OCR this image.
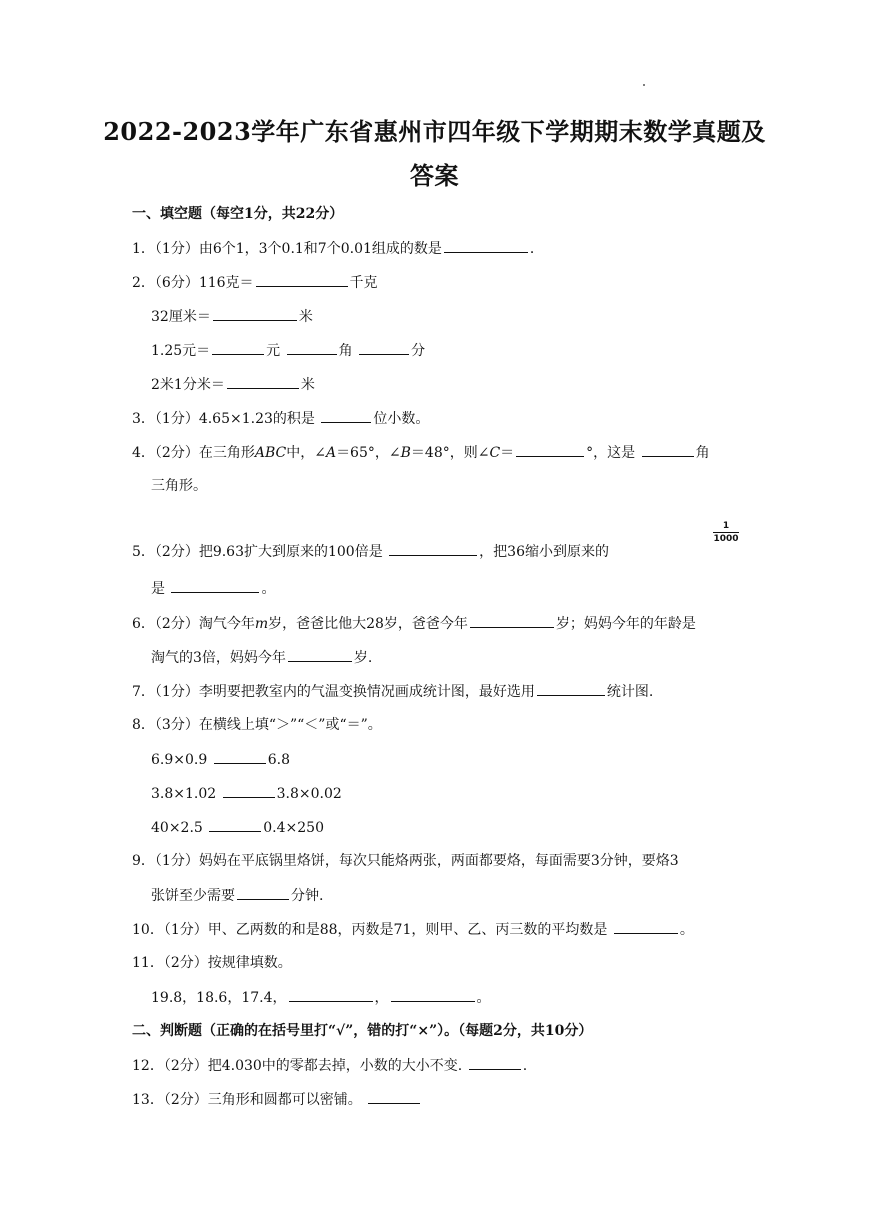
2022-2023学年广东省惠州市四年级下学期期末数学真题及
答案
一、填空题（每空1分，共22分）
1．（1分）由6个1，3个0.1和7个0.01组成的数是	．
2．（6分）116克＝	千克
32厘米＝	米
1.25元＝	元	角	分
2米1分米＝	米
3．（1分）4.65×1.23的积是	位小数。
4．（2分）在三角形ABC中，∠A＝65°，∠B＝48°，则∠C＝	°，这是	角
三角形。
5．（2分）把9.63扩大到原来的100倍是	，把36缩小到原来的
1
1000
是	。
6．（2分）淘气今年m岁，爸爸比他大28岁，爸爸今年	岁；妈妈今年的年龄是
淘气的3倍，妈妈今年	岁.
7．（1分）李明要把教室内的气温变换情况画成统计图，最好选用	统计图.
8．（3分）在横线上填“＞”“＜”或“＝”。
6.9×0.9	6.8
3.8×1.02	3.8×0.02
40×2.5	0.4×250
9．（1分）妈妈在平底锅里烙饼，每次只能烙两张，两面都要烙，每面需要3分钟，要烙3
张饼至少需要	分钟.
10．（1分）甲、乙两数的和是88，丙数是71，则甲、乙、丙三数的平均数是	。
11．（2分）按规律填数。
19.8，18.6，17.4，	，	。
二、判断题（正确的在括号里打“√”，错的打“×”）。（每题2分，共10分）
12．（2分）把4.030中的零都去掉，小数的大小不变.	.
13．（2分）三角形和圆都可以密铺。
